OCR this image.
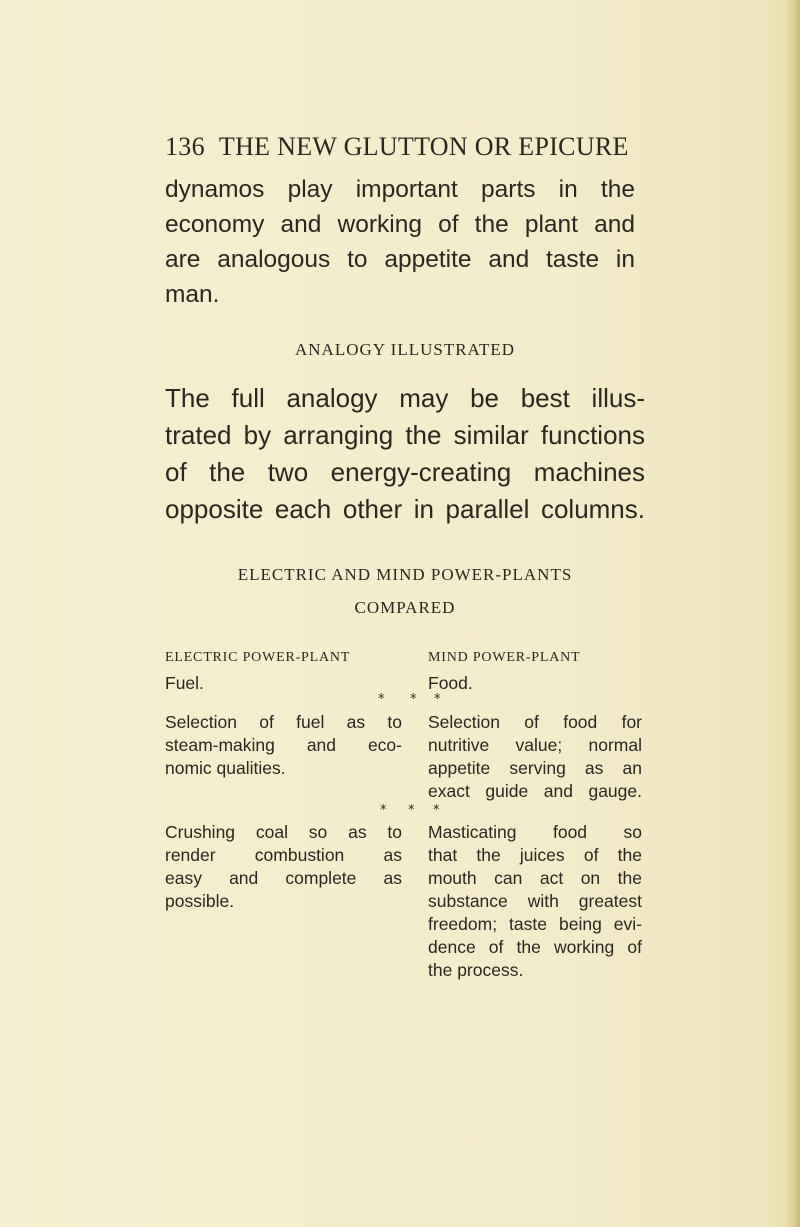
136 THE NEW GLUTTON OR EPICURE
dynamos play important parts in the
economy and working of the plant and
are analogous to appetite and taste in
man.
ANALOGY ILLUSTRATED
The full analogy may be best illus-
trated by arranging the similar functions
of the two energy-creating machines
opposite each other in parallel columns.
ELECTRIC AND MIND POWER-PLANTS
COMPARED
ELECTRIC POWER-PLANT	MIND POWER-PLANT
Fuel.	Food.
* * *
Selection of fuel as to
steam-making and eco-
nomic qualities.
Selection of food for
nutritive value; normal
appetite serving as an
exact guide and gauge.
* * *
Crushing coal so as to
render combustion as
easy and complete as
possible.
Masticating food so
that the juices of the
mouth can act on the
substance with greatest
freedom; taste being evi-
dence of the working of
the process.
